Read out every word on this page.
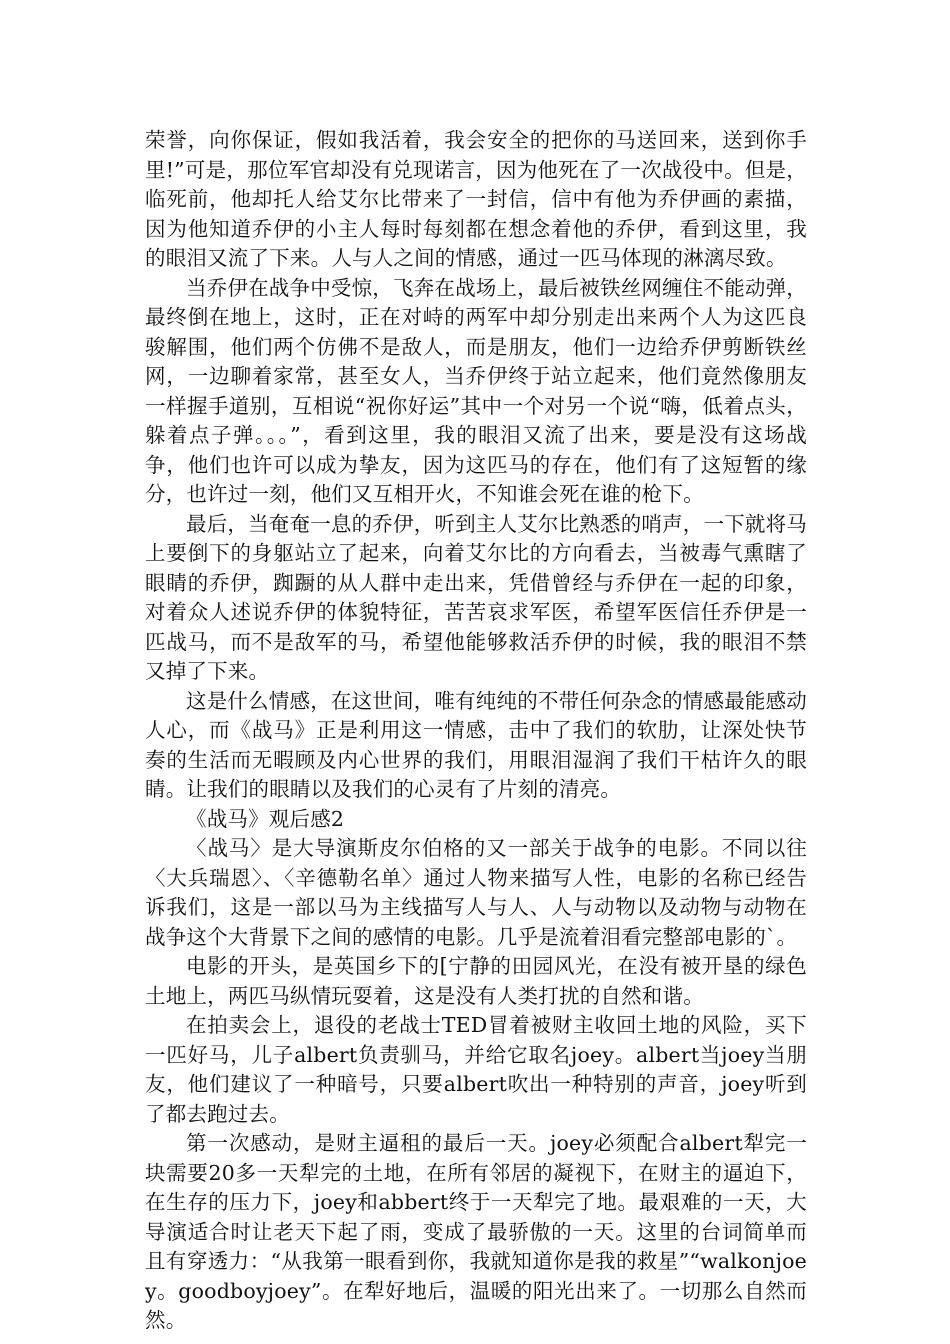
荣誉，向你保证，假如我活着，我会安全的把你的马送回来，送到你手里!”可是，那位军官却没有兑现诺言，因为他死在了一次战役中。但是，临死前，他却托人给艾尔比带来了一封信，信中有他为乔伊画的素描，因为他知道乔伊的小主人每时每刻都在想念着他的乔伊，看到这里，我的眼泪又流了下来。人与人之间的情感，通过一匹马体现的淋漓尽致。

当乔伊在战争中受惊，飞奔在战场上，最后被铁丝网缠住不能动弹，最终倒在地上，这时，正在对峙的两军中却分别走出来两个人为这匹良骏解围，他们两个仿佛不是敌人，而是朋友，他们一边给乔伊剪断铁丝网，一边聊着家常，甚至女人，当乔伊终于站立起来，他们竟然像朋友一样握手道别，互相说“祝你好运”其中一个对另一个说“嗨，低着点头，躲着点子弹。。。”，看到这里，我的眼泪又流了出来，要是没有这场战争，他们也许可以成为挚友，因为这匹马的存在，他们有了这短暂的缘分，也许过一刻，他们又互相开火，不知谁会死在谁的枪下。

最后，当奄奄一息的乔伊，听到主人艾尔比熟悉的哨声，一下就将马上要倒下的身躯站立了起来，向着艾尔比的方向看去，当被毒气熏瞎了眼睛的乔伊，踟蹰的从人群中走出来，凭借曾经与乔伊在一起的印象，对着众人述说乔伊的体貌特征，苦苦哀求军医，希望军医信任乔伊是一匹战马，而不是敌军的马，希望他能够救活乔伊的时候，我的眼泪不禁又掉了下来。

这是什么情感，在这世间，唯有纯纯的不带任何杂念的情感最能感动人心，而《战马》正是利用这一情感，击中了我们的软肋，让深处快节奏的生活而无暇顾及内心世界的我们，用眼泪湿润了我们干枯许久的眼睛。让我们的眼睛以及我们的心灵有了片刻的清亮。

《战马》观后感2

〈战马〉是大导演斯皮尔伯格的又一部关于战争的电影。不同以往〈大兵瑞恩〉、〈辛德勒名单〉通过人物来描写人性，电影的名称已经告诉我们，这是一部以马为主线描写人与人、人与动物以及动物与动物在战争这个大背景下之间的感情的电影。几乎是流着泪看完整部电影的`。

电影的开头，是英国乡下的[宁静的田园风光，在没有被开垦的绿色土地上，两匹马纵情玩耍着，这是没有人类打扰的自然和谐。

在拍卖会上，退役的老战士TED冒着被财主收回土地的风险，买下一匹好马，儿子albert负责驯马，并给它取名joey。albert当joey当朋友，他们建议了一种暗号，只要albert吹出一种特别的声音，joey听到了都去跑过去。

第一次感动，是财主逼租的最后一天。joey必须配合albert犁完一块需要20多一天犁完的土地，在所有邻居的凝视下，在财主的逼迫下，在生存的压力下，joey和abbert终于一天犁完了地。最艰难的一天，大导演适合时让老天下起了雨，变成了最骄傲的一天。这里的台词简单而且有穿透力：“从我第一眼看到你，我就知道你是我的救星”“walkonjoey。goodboyjoey”。在犁好地后，温暖的阳光出来了。一切那么自然而然。
